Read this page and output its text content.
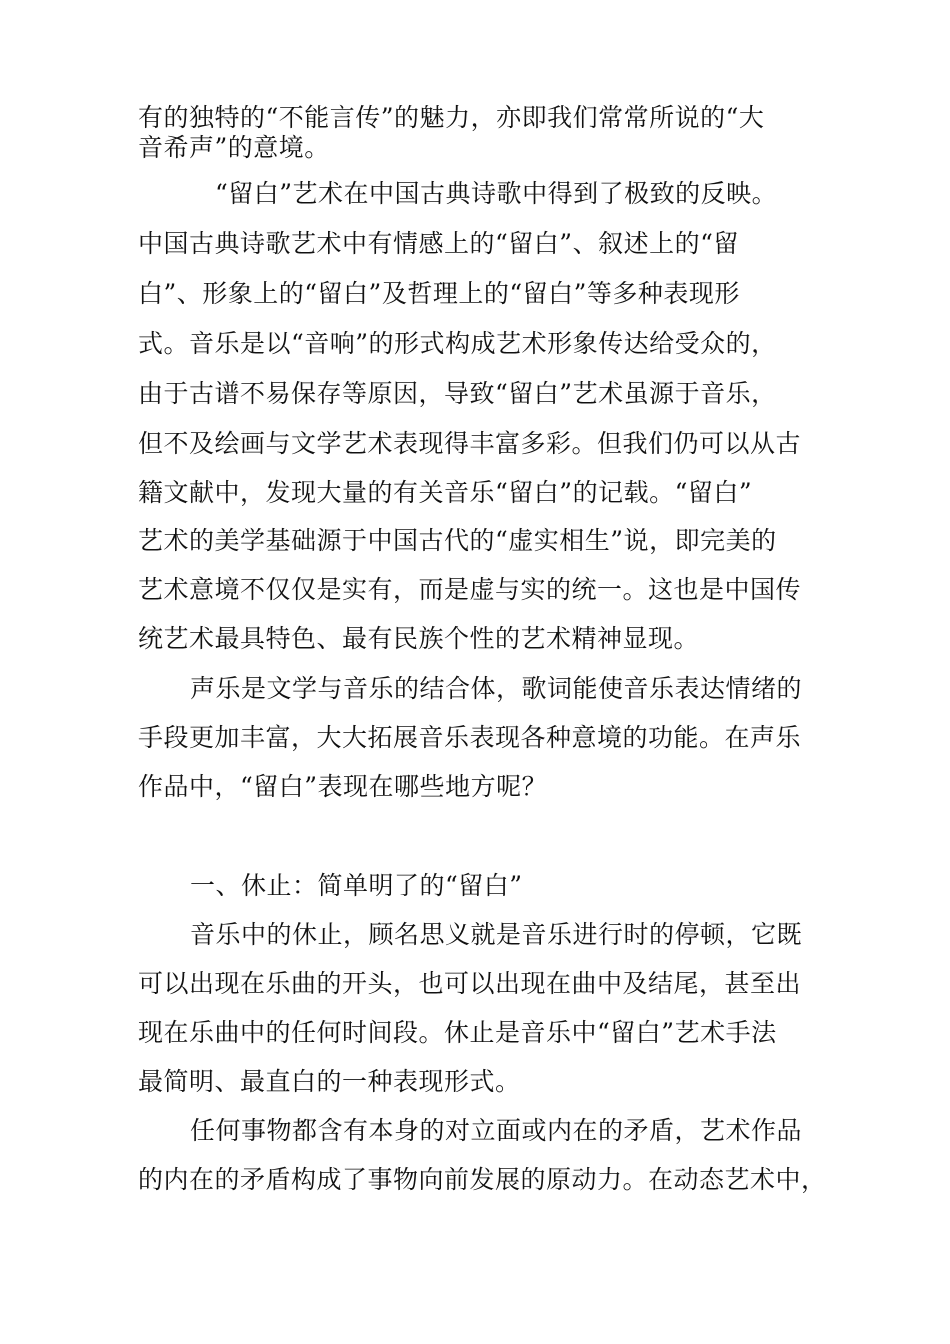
有的独特的“不能言传”的魅力，亦即我们常常所说的“大
音希声”的意境。
“留白”艺术在中国古典诗歌中得到了极致的反映。
中国古典诗歌艺术中有情感上的“留白”、叙述上的“留
白”、形象上的“留白”及哲理上的“留白”等多种表现形
式。音乐是以“音响”的形式构成艺术形象传达给受众的，
由于古谱不易保存等原因，导致“留白”艺术虽源于音乐，
但不及绘画与文学艺术表现得丰富多彩。但我们仍可以从古
籍文献中，发现大量的有关音乐“留白”的记载。“留白”
艺术的美学基础源于中国古代的“虚实相生”说，即完美的
艺术意境不仅仅是实有，而是虚与实的统一。这也是中国传
统艺术最具特色、最有民族个性的艺术精神显现。
声乐是文学与音乐的结合体，歌词能使音乐表达情绪的
手段更加丰富，大大拓展音乐表现各种意境的功能。在声乐
作品中，“留白”表现在哪些地方呢？
一、休止：简单明了的“留白”
音乐中的休止，顾名思义就是音乐进行时的停顿，它既
可以出现在乐曲的开头，也可以出现在曲中及结尾，甚至出
现在乐曲中的任何时间段。休止是音乐中“留白”艺术手法
最简明、最直白的一种表现形式。
任何事物都含有本身的对立面或内在的矛盾，艺术作品
的内在的矛盾构成了事物向前发展的原动力。在动态艺术中，
